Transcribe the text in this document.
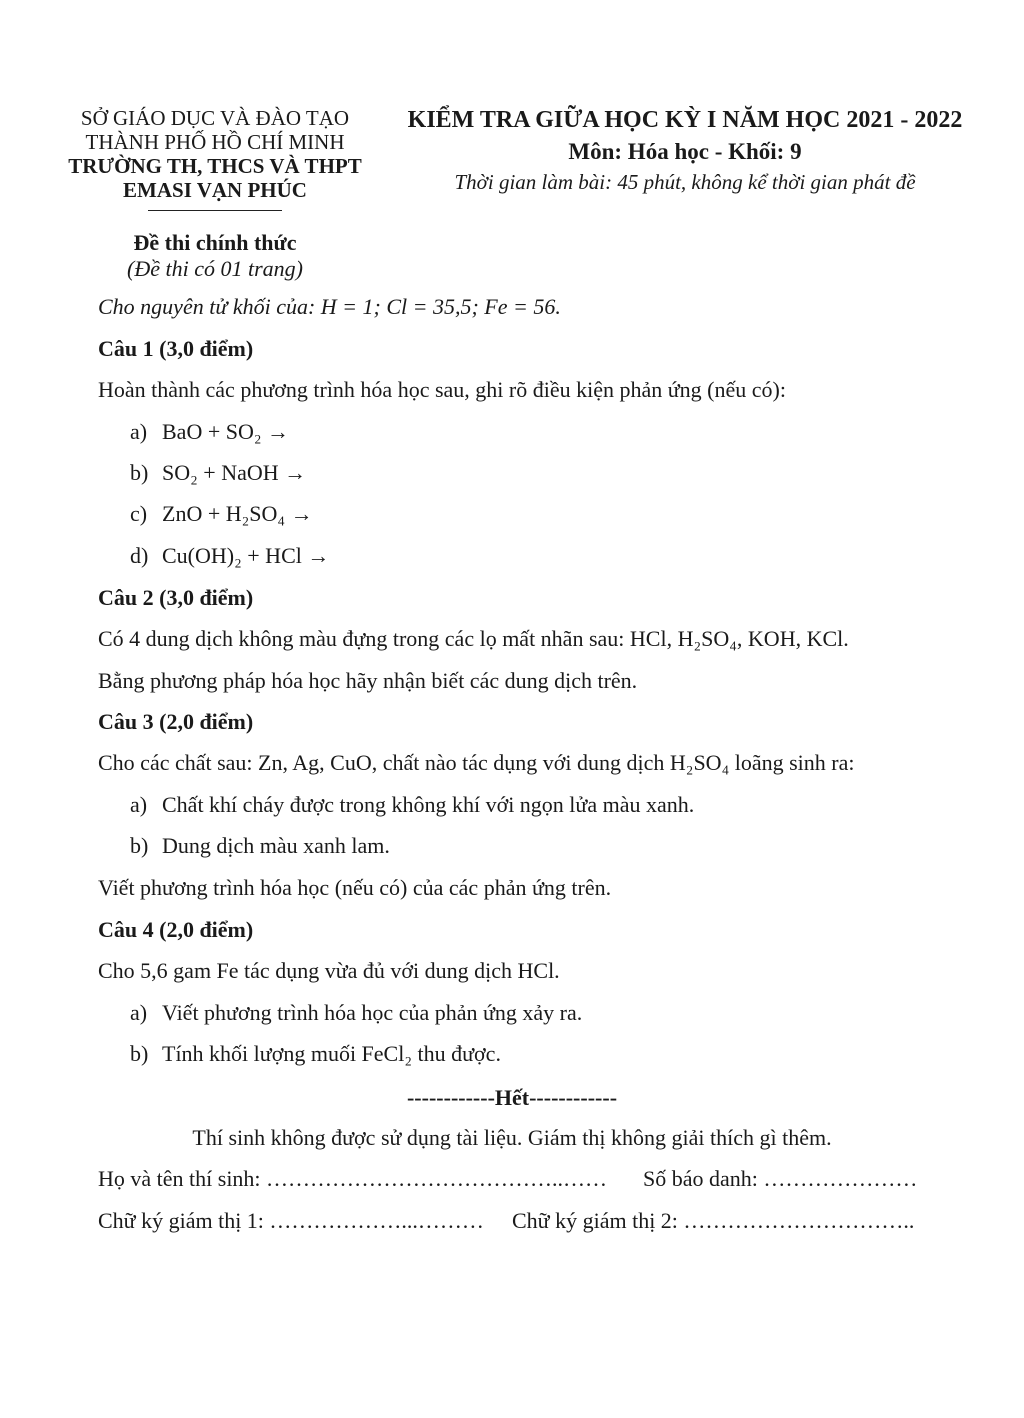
SỞ GIÁO DỤC VÀ ĐÀO TẠO
THÀNH PHỐ HỒ CHÍ MINH
TRƯỜNG TH, THCS VÀ THPT
EMASI VẠN PHÚC
Đề thi chính thức
(Đề thi có 01 trang)
KIỂM TRA GIỮA HỌC KỲ I NĂM HỌC 2021 - 2022
Môn: Hóa học - Khối: 9
Thời gian làm bài: 45 phút, không kể thời gian phát đề
Cho nguyên tử khối của: H = 1; Cl = 35,5; Fe = 56.
Câu 1 (3,0 điểm)
Hoàn thành các phương trình hóa học sau, ghi rõ điều kiện phản ứng (nếu có):
a) BaO + SO₂ →
b) SO₂ + NaOH →
c) ZnO + H₂SO₄ →
d) Cu(OH)₂ + HCl →
Câu 2 (3,0 điểm)
Có 4 dung dịch không màu đựng trong các lọ mất nhãn sau: HCl, H₂SO₄, KOH, KCl.
Bằng phương pháp hóa học hãy nhận biết các dung dịch trên.
Câu 3 (2,0 điểm)
Cho các chất sau: Zn, Ag, CuO, chất nào tác dụng với dung dịch H₂SO₄ loãng sinh ra:
a) Chất khí cháy được trong không khí với ngọn lửa màu xanh.
b) Dung dịch màu xanh lam.
Viết phương trình hóa học (nếu có) của các phản ứng trên.
Câu 4 (2,0 điểm)
Cho 5,6 gam Fe tác dụng vừa đủ với dung dịch HCl.
a) Viết phương trình hóa học của phản ứng xảy ra.
b) Tính khối lượng muối FeCl₂ thu được.
------------Hết------------
Thí sinh không được sử dụng tài liệu. Giám thị không giải thích gì thêm.
Họ và tên thí sinh: …………………………………..…… Số báo danh: …………………
Chữ ký giám thị 1: ………………...……… Chữ ký giám thị 2: …………………………..
